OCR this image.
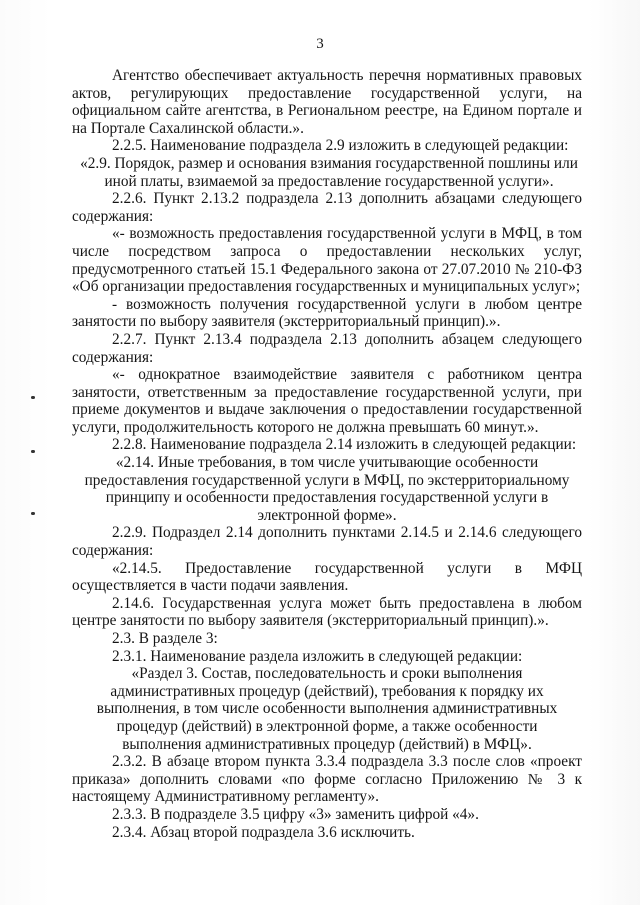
3

Агентство обеспечивает актуальность перечня нормативных правовых актов, регулирующих предоставление государственной услуги, на официальном сайте агентства, в Региональном реестре, на Едином портале и на Портале Сахалинской области.».

2.2.5. Наименование подраздела 2.9 изложить в следующей редакции:

«2.9. Порядок, размер и основания взимания государственной пошлины или иной платы, взимаемой за предоставление государственной услуги».

2.2.6. Пункт 2.13.2 подраздела 2.13 дополнить абзацами следующего содержания:

«- возможность предоставления государственной услуги в МФЦ, в том числе посредством запроса о предоставлении нескольких услуг, предусмотренного статьей 15.1 Федерального закона от 27.07.2010 № 210-ФЗ «Об организации предоставления государственных и муниципальных услуг»;

- возможность получения государственной услуги в любом центре занятости по выбору заявителя (экстерриториальный принцип).».

2.2.7. Пункт 2.13.4 подраздела 2.13 дополнить абзацем следующего содержания:

«- однократное взаимодействие заявителя с работником центра занятости, ответственным за предоставление государственной услуги, при приеме документов и выдаче заключения о предоставлении государственной услуги, продолжительность которого не должна превышать 60 минут.».

2.2.8. Наименование подраздела 2.14 изложить в следующей редакции:

«2.14. Иные требования, в том числе учитывающие особенности предоставления государственной услуги в МФЦ, по экстерриториальному принципу и особенности предоставления государственной услуги в электронной форме».

2.2.9. Подраздел 2.14 дополнить пунктами 2.14.5 и 2.14.6 следующего содержания:

«2.14.5. Предоставление государственной услуги в МФЦ осуществляется в части подачи заявления.

2.14.6. Государственная услуга может быть предоставлена в любом центре занятости по выбору заявителя (экстерриториальный принцип).».

2.3. В разделе 3:

2.3.1. Наименование раздела изложить в следующей редакции:

«Раздел 3. Состав, последовательность и сроки выполнения административных процедур (действий), требования к порядку их выполнения, в том числе особенности выполнения административных процедур (действий) в электронной форме, а также особенности выполнения административных процедур (действий) в МФЦ».

2.3.2. В абзаце втором пункта 3.3.4 подраздела 3.3 после слов «проект приказа» дополнить словами «по форме согласно Приложению № 3 к настоящему Административному регламенту».

2.3.3. В подразделе 3.5 цифру «3» заменить цифрой «4».

2.3.4. Абзац второй подраздела 3.6 исключить.
